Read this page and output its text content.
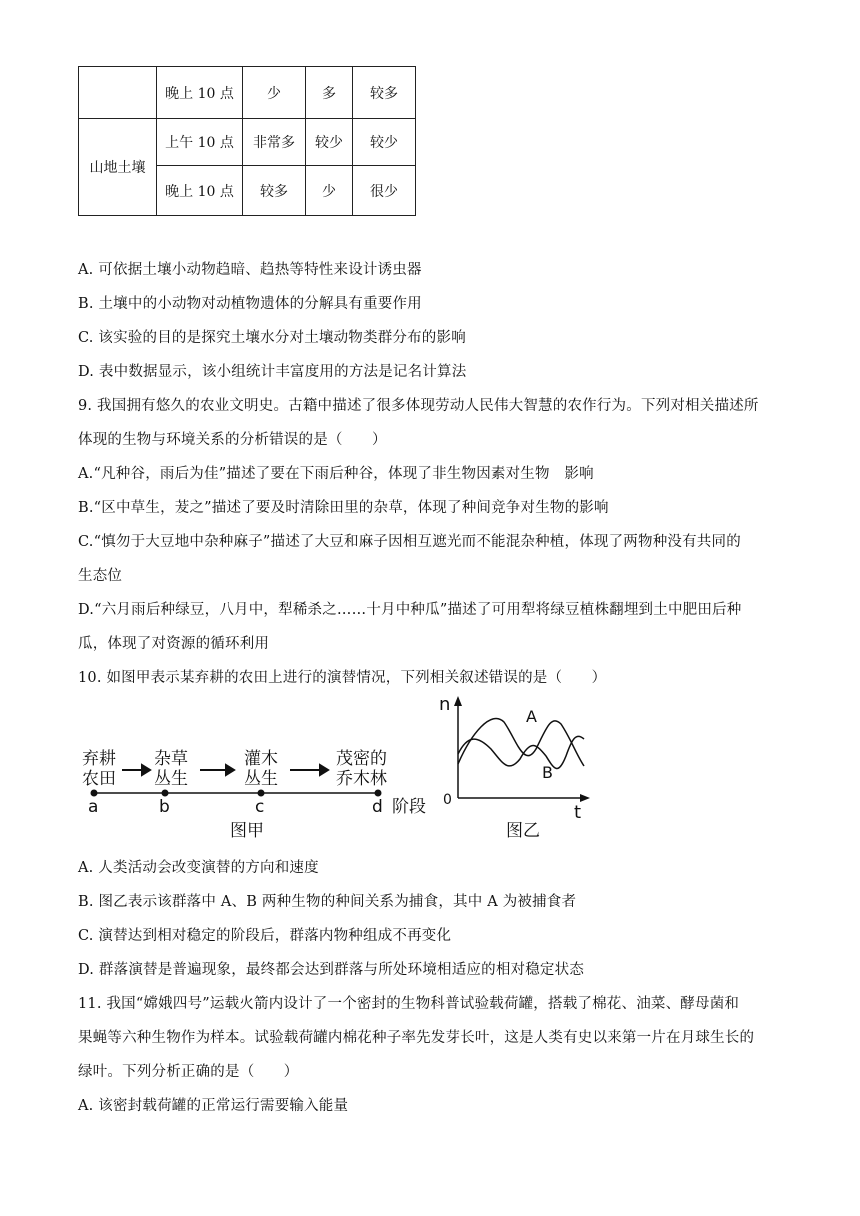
	晚上 10 点	少	多	较多
山地土壤	上午 10 点	非常多	较少	较少
	晚上 10 点	较多	少	很少
A. 可依据土壤小动物趋暗、趋热等特性来设计诱虫器
B. 土壤中的小动物对动植物遗体的分解具有重要作用
C. 该实验的目的是探究土壤水分对土壤动物类群分布的影响
D. 表中数据显示，该小组统计丰富度用的方法是记名计算法
9. 我国拥有悠久的农业文明史。古籍中描述了很多体现劳动人民伟大智慧的农作行为。下列对相关描述所
体现的生物与环境关系的分析错误的是（　　）
A.“凡种谷，雨后为佳”描述了要在下雨后种谷，体现了非生物因素对生物　影响
B.“区中草生，茇之”描述了要及时清除田里的杂草，体现了种间竞争对生物的影响
C.“慎勿于大豆地中杂种麻子”描述了大豆和麻子因相互遮光而不能混杂种植，体现了两物种没有共同的
生态位
D.“六月雨后种绿豆，八月中，犁稀杀之……十月中种瓜”描述了可用犁将绿豆植株翻埋到土中肥田后种
瓜，体现了对资源的循环利用
10. 如图甲表示某弃耕的农田上进行的演替情况，下列相关叙述错误的是（　　）
弃耕
农田
杂草
丛生
灌木
丛生
茂密的
乔木林
a	b	c	d 阶段
图甲
n
0
t
A
B
图乙
A. 人类活动会改变演替的方向和速度
B. 图乙表示该群落中 A、B 两种生物的种间关系为捕食，其中 A 为被捕食者
C. 演替达到相对稳定的阶段后，群落内物种组成不再变化
D. 群落演替是普遍现象，最终都会达到群落与所处环境相适应的相对稳定状态
11. 我国“嫦娥四号”运载火箭内设计了一个密封的生物科普试验载荷罐，搭载了棉花、油菜、酵母菌和
果蝇等六种生物作为样本。试验载荷罐内棉花种子率先发芽长叶，这是人类有史以来第一片在月球生长的
绿叶。下列分析正确的是（　　）
A. 该密封载荷罐的正常运行需要输入能量
